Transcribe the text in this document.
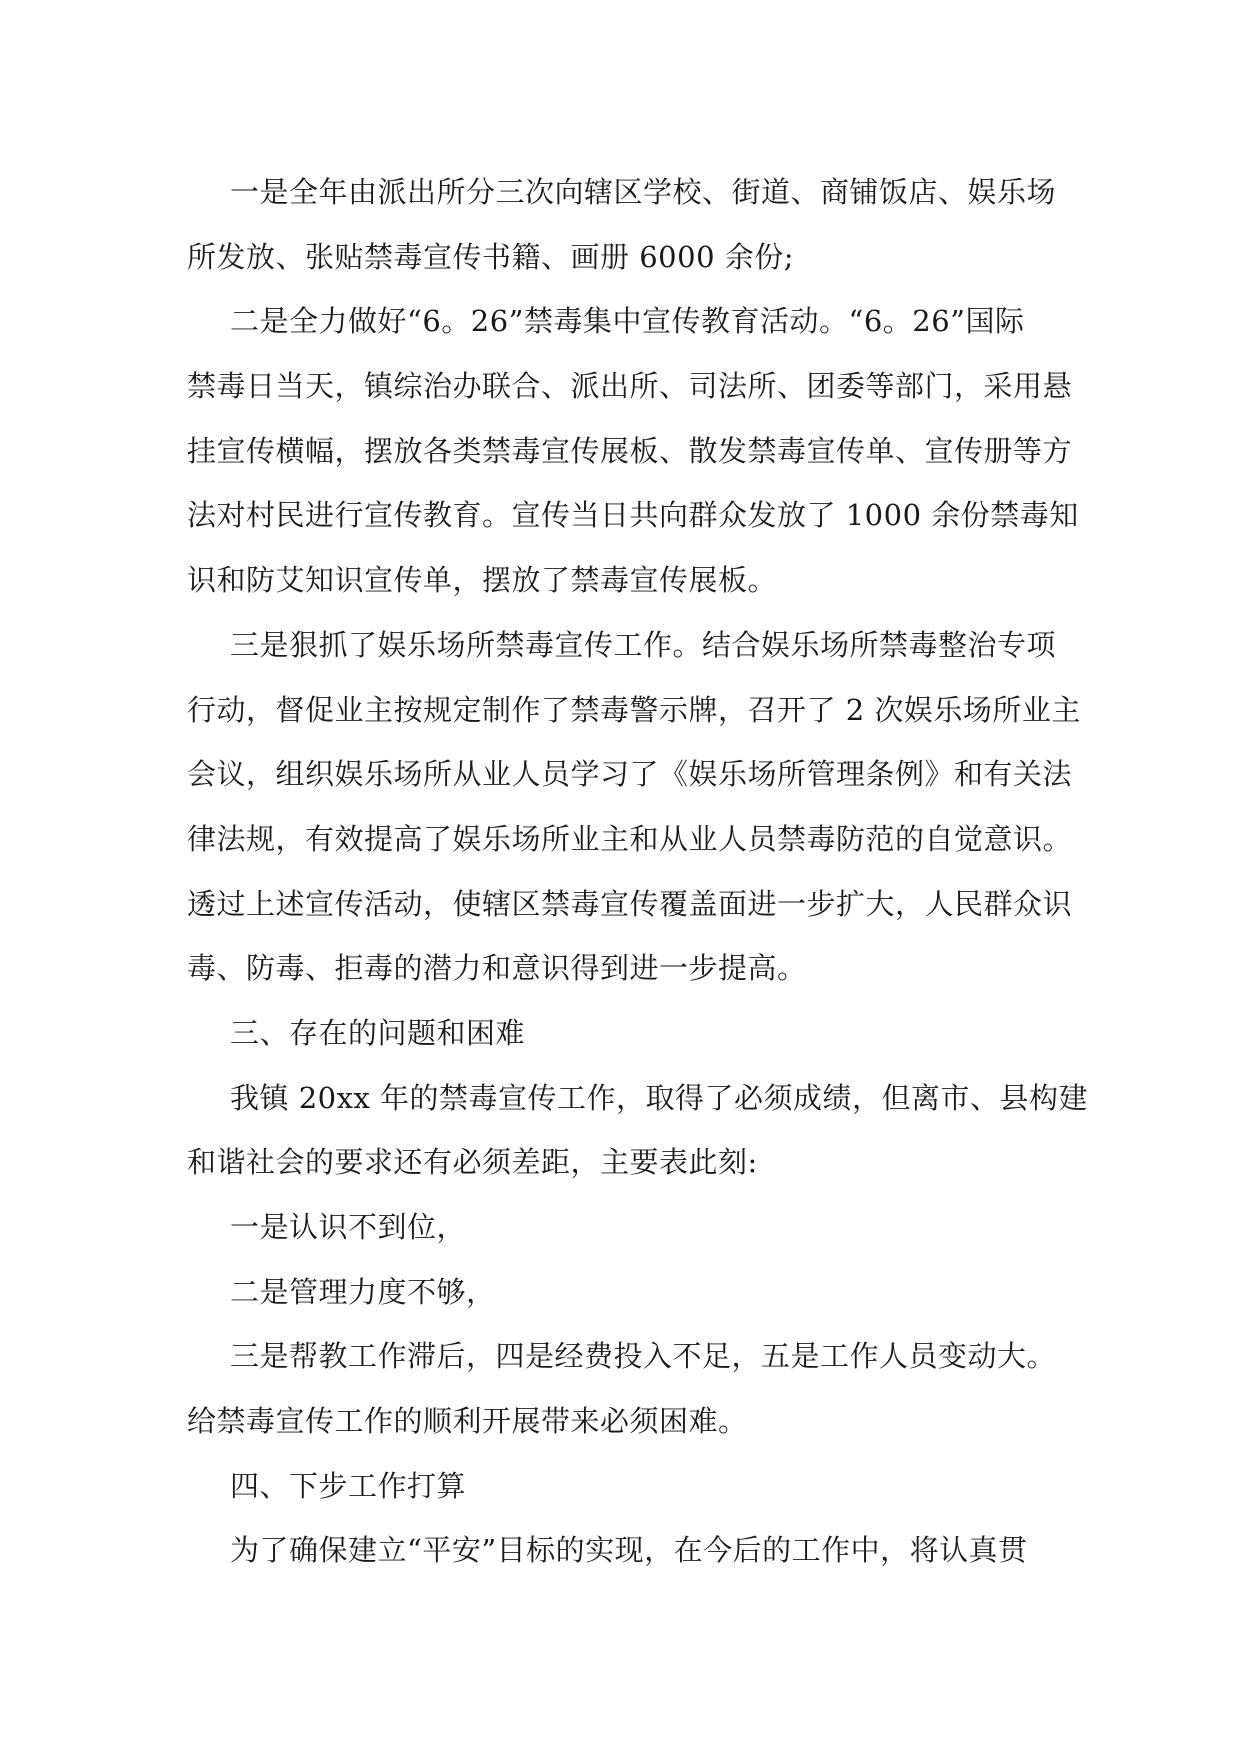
一是全年由派出所分三次向辖区学校、街道、商铺饭店、娱乐场
所发放、张贴禁毒宣传书籍、画册 6000 余份;
二是全力做好“6。26”禁毒集中宣传教育活动。“6。26”国际
禁毒日当天，镇综治办联合、派出所、司法所、团委等部门，采用悬
挂宣传横幅，摆放各类禁毒宣传展板、散发禁毒宣传单、宣传册等方
法对村民进行宣传教育。宣传当日共向群众发放了 1000 余份禁毒知
识和防艾知识宣传单，摆放了禁毒宣传展板。
三是狠抓了娱乐场所禁毒宣传工作。结合娱乐场所禁毒整治专项
行动，督促业主按规定制作了禁毒警示牌，召开了 2 次娱乐场所业主
会议，组织娱乐场所从业人员学习了《娱乐场所管理条例》和有关法
律法规，有效提高了娱乐场所业主和从业人员禁毒防范的自觉意识。
透过上述宣传活动，使辖区禁毒宣传覆盖面进一步扩大，人民群众识
毒、防毒、拒毒的潜力和意识得到进一步提高。
三、存在的问题和困难
我镇 20xx 年的禁毒宣传工作，取得了必须成绩，但离市、县构建
和谐社会的要求还有必须差距，主要表此刻:
一是认识不到位，
二是管理力度不够，
三是帮教工作滞后，四是经费投入不足，五是工作人员变动大。
给禁毒宣传工作的顺利开展带来必须困难。
四、下步工作打算
为了确保建立“平安”目标的实现，在今后的工作中，将认真贯
